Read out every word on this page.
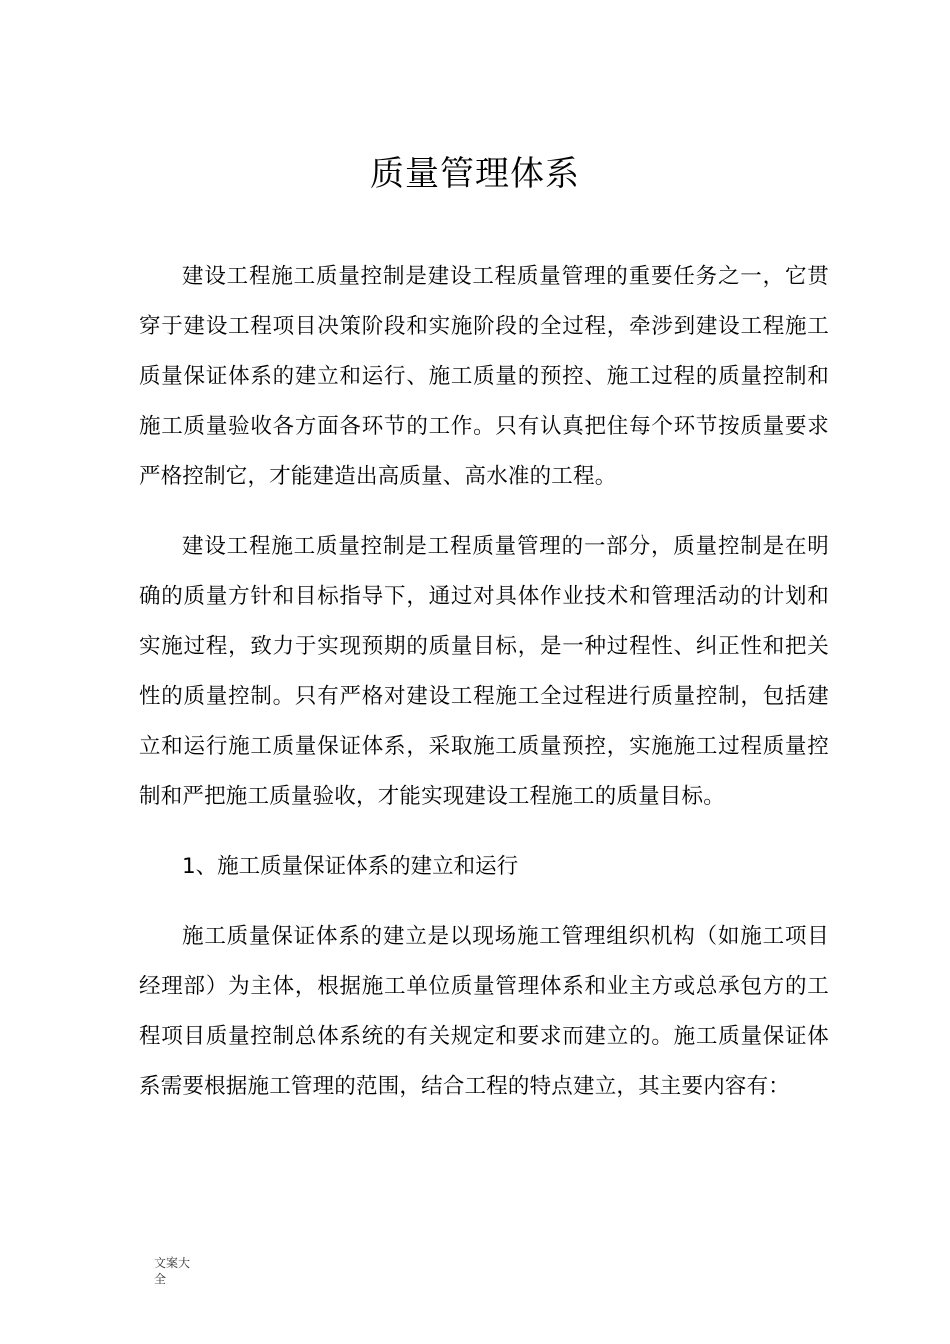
质量管理体系

建设工程施工质量控制是建设工程质量管理的重要任务之一，它贯穿于建设工程项目决策阶段和实施阶段的全过程，牵涉到建设工程施工质量保证体系的建立和运行、施工质量的预控、施工过程的质量控制和施工质量验收各方面各环节的工作。只有认真把住每个环节按质量要求严格控制它，才能建造出高质量、高水准的工程。

建设工程施工质量控制是工程质量管理的一部分，质量控制是在明确的质量方针和目标指导下，通过对具体作业技术和管理活动的计划和实施过程，致力于实现预期的质量目标，是一种过程性、纠正性和把关性的质量控制。只有严格对建设工程施工全过程进行质量控制，包括建立和运行施工质量保证体系，采取施工质量预控，实施施工过程质量控制和严把施工质量验收，才能实现建设工程施工的质量目标。

1、施工质量保证体系的建立和运行

施工质量保证体系的建立是以现场施工管理组织机构（如施工项目经理部）为主体，根据施工单位质量管理体系和业主方或总承包方的工程项目质量控制总体系统的有关规定和要求而建立的。施工质量保证体系需要根据施工管理的范围，结合工程的特点建立，其主要内容有：

文案大全
